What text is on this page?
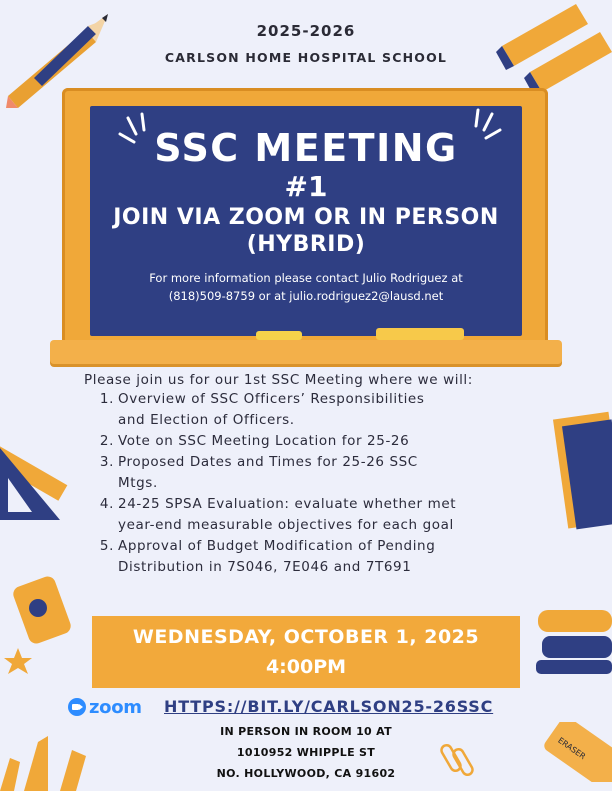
ERASER
2025-2026
CARLSON HOME HOSPITAL SCHOOL
SSC MEETING
#1
JOIN VIA ZOOM OR IN PERSON
(HYBRID)
For more information please contact Julio Rodriguez at
(818)509-8759 or at julio.rodriguez2@lausd.net
Please join us for our 1st SSC Meeting where we will:
1. Overview of SSC Officers’ Responsibilities
and Election of Officers.
2. Vote on SSC Meeting Location for 25-26
3. Proposed Dates and Times for 25-26 SSC
Mtgs.
4. 24-25 SPSA Evaluation: evaluate whether met
year-end measurable objectives for each goal
5. Approval of Budget Modification of Pending
Distribution in 7S046, 7E046 and 7T691
WEDNESDAY, OCTOBER 1, 2025
4:00PM
zoom HTTPS://BIT.LY/CARLSON25-26SSC
IN PERSON IN ROOM 10 AT
1010952 WHIPPLE ST
NO. HOLLYWOOD, CA 91602
